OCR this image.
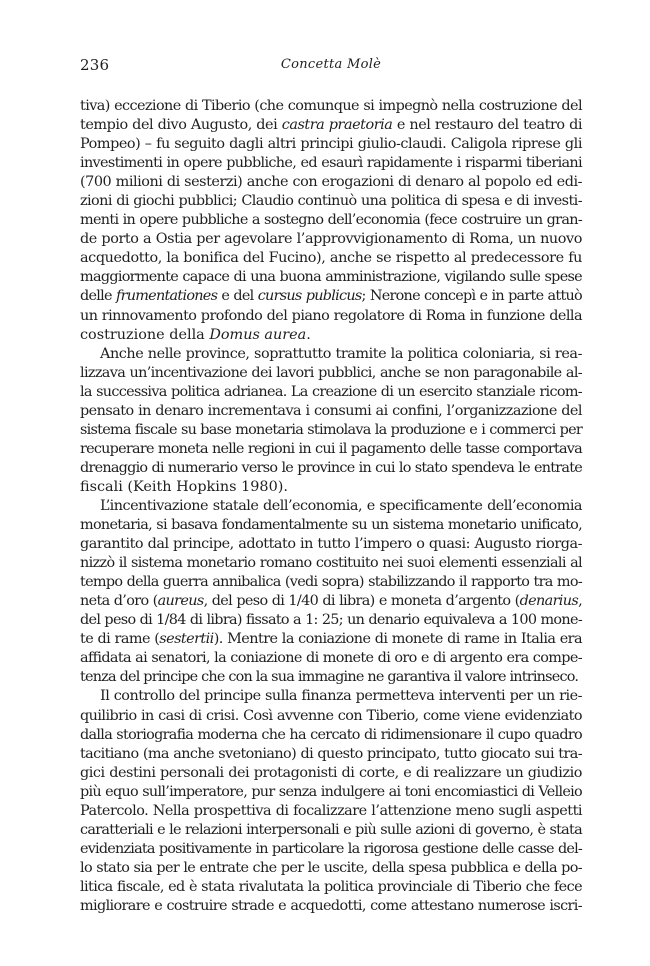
236	Concetta Molè
tiva) eccezione di Tiberio (che comunque si impegnò nella costruzione del
tempio del divo Augusto, dei castra praetoria e nel restauro del teatro di
Pompeo) – fu seguito dagli altri principi giulio-claudi. Caligola riprese gli
investimenti in opere pubbliche, ed esaurì rapidamente i risparmi tiberiani
(700 milioni di sesterzi) anche con erogazioni di denaro al popolo ed edi-
zioni di giochi pubblici; Claudio continuò una politica di spesa e di investi-
menti in opere pubbliche a sostegno dell’economia (fece costruire un gran-
de porto a Ostia per agevolare l’approvvigionamento di Roma, un nuovo
acquedotto, la bonifica del Fucino), anche se rispetto al predecessore fu
maggiormente capace di una buona amministrazione, vigilando sulle spese
delle frumentationes e del cursus publicus; Nerone concepì e in parte attuò
un rinnovamento profondo del piano regolatore di Roma in funzione della
costruzione della Domus aurea.
Anche nelle province, soprattutto tramite la politica coloniaria, si rea-
lizzava un’incentivazione dei lavori pubblici, anche se non paragonabile al-
la successiva politica adrianea. La creazione di un esercito stanziale ricom-
pensato in denaro incrementava i consumi ai confini, l’organizzazione del
sistema fiscale su base monetaria stimolava la produzione e i commerci per
recuperare moneta nelle regioni in cui il pagamento delle tasse comportava
drenaggio di numerario verso le province in cui lo stato spendeva le entrate
fiscali (Keith Hopkins 1980).
L’incentivazione statale dell’economia, e specificamente dell’economia
monetaria, si basava fondamentalmente su un sistema monetario unificato,
garantito dal principe, adottato in tutto l’impero o quasi: Augusto riorga-
nizzò il sistema monetario romano costituito nei suoi elementi essenziali al
tempo della guerra annibalica (vedi sopra) stabilizzando il rapporto tra mo-
neta d’oro (aureus, del peso di 1/40 di libra) e moneta d’argento (denarius,
del peso di 1/84 di libra) fissato a 1: 25; un denario equivaleva a 100 mone-
te di rame (sestertii). Mentre la coniazione di monete di rame in Italia era
affidata ai senatori, la coniazione di monete di oro e di argento era compe-
tenza del principe che con la sua immagine ne garantiva il valore intrinseco.
Il controllo del principe sulla finanza permetteva interventi per un rie-
quilibrio in casi di crisi. Così avvenne con Tiberio, come viene evidenziato
dalla storiografia moderna che ha cercato di ridimensionare il cupo quadro
tacitiano (ma anche svetoniano) di questo principato, tutto giocato sui tra-
gici destini personali dei protagonisti di corte, e di realizzare un giudizio
più equo sull’imperatore, pur senza indulgere ai toni encomiastici di Velleio
Patercolo. Nella prospettiva di focalizzare l’attenzione meno sugli aspetti
caratteriali e le relazioni interpersonali e più sulle azioni di governo, è stata
evidenziata positivamente in particolare la rigorosa gestione delle casse del-
lo stato sia per le entrate che per le uscite, della spesa pubblica e della po-
litica fiscale, ed è stata rivalutata la politica provinciale di Tiberio che fece
migliorare e costruire strade e acquedotti, come attestano numerose iscri-
